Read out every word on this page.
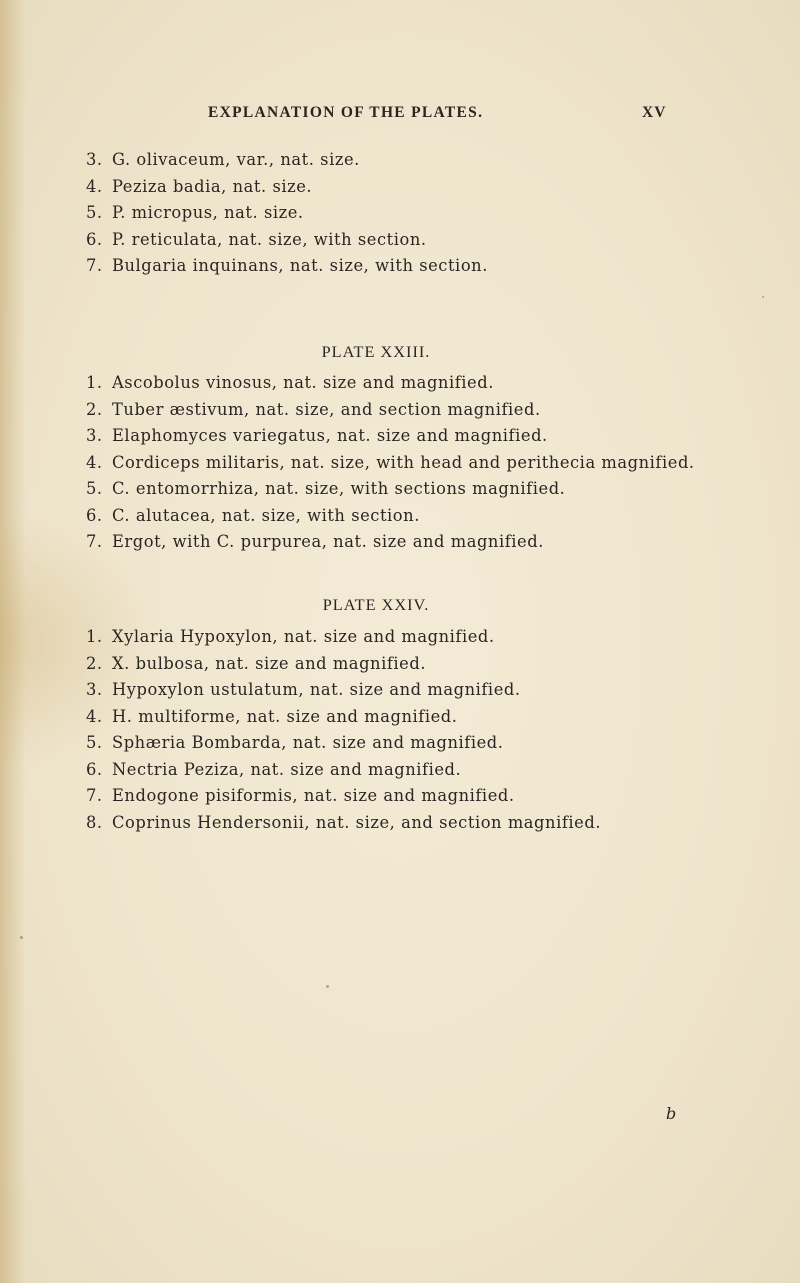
EXPLANATION OF THE PLATES.	XV
3. G. olivaceum, var., nat. size.
4. Peziza badia, nat. size.
5. P. micropus, nat. size.
6. P. reticulata, nat. size, with section.
7. Bulgaria inquinans, nat. size, with section.
PLATE XXIII.
1. Ascobolus vinosus, nat. size and magnified.
2. Tuber æstivum, nat. size, and section magnified.
3. Elaphomyces variegatus, nat. size and magnified.
4. Cordiceps militaris, nat. size, with head and perithecia magnified.
5. C. entomorrhiza, nat. size, with sections magnified.
6. C. alutacea, nat. size, with section.
7. Ergot, with C. purpurea, nat. size and magnified.
PLATE XXIV.
1. Xylaria Hypoxylon, nat. size and magnified.
2. X. bulbosa, nat. size and magnified.
3. Hypoxylon ustulatum, nat. size and magnified.
4. H. multiforme, nat. size and magnified.
5. Sphæria Bombarda, nat. size and magnified.
6. Nectria Peziza, nat. size and magnified.
7. Endogone pisiformis, nat. size and magnified.
8. Coprinus Hendersonii, nat. size, and section magnified.
b
